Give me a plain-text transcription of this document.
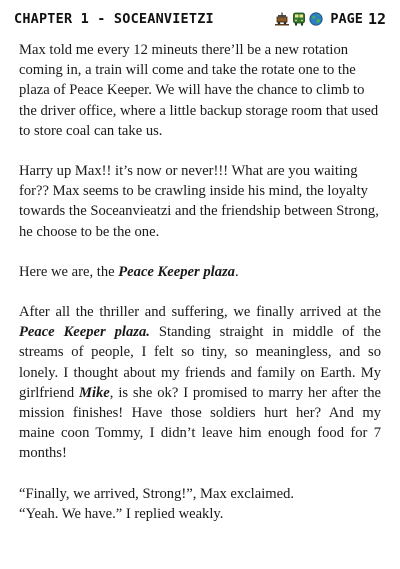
CHAPTER 1 - SOCEANVIETZI	PAGE 12

Max told me every 12 mineuts there’ll be a new rotation coming in, a train will come and take the rotate one to the plaza of Peace Keeper. We will have the chance to climb to the driver office, where a little backup storage room that used to store coal can take us.

Harry up Max!! it’s now or never!!! What are you waiting for?? Max seems to be crawling inside his mind, the loyalty towards the Soceanvieatzi and the friendship between Strong, he choose to be the one.

Here we are, the Peace Keeper plaza.

After all the thriller and suffering, we finally arrived at the Peace Keeper plaza. Standing straight in middle of the streams of people, I felt so tiny, so meaningless, and so lonely. I thought about my friends and family on Earth. My girlfriend Mike, is she ok? I promised to marry her after the mission finishes! Have those soldiers hurt her? And my maine coon Tommy, I didn’t leave him enough food for 7 months!

“Finally, we arrived, Strong!”, Max exclaimed.

“Yeah. We have.” I replied weakly.
